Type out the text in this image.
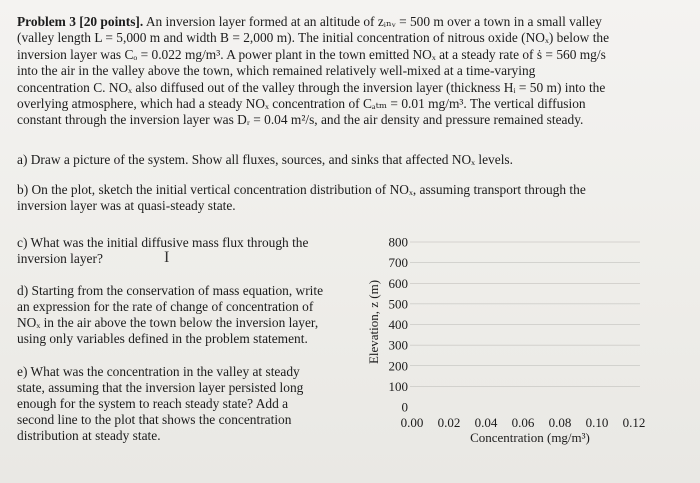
Problem 3 [20 points]. An inversion layer formed at an altitude of zᵢₙᵥ = 500 m over a town in a small valley
(valley length L = 5,000 m and width B = 2,000 m). The initial concentration of nitrous oxide (NOₓ) below the
inversion layer was Cₒ = 0.022 mg/m³. A power plant in the town emitted NOₓ at a steady rate of ṡ = 560 mg/s
into the air in the valley above the town, which remained relatively well-mixed at a time-varying
concentration C. NOₓ also diffused out of the valley through the inversion layer (thickness Hᵢ = 50 m) into the
overlying atmosphere, which had a steady NOₓ concentration of Cₐₜₘ = 0.01 mg/m³. The vertical diffusion
constant through the inversion layer was Dᵣ = 0.04 m²/s, and the air density and pressure remained steady.
a) Draw a picture of the system. Show all fluxes, sources, and sinks that affected NOₓ levels.
b) On the plot, sketch the initial vertical concentration distribution of NOₓ, assuming transport through the
inversion layer was at quasi-steady state.
c) What was the initial diffusive mass flux through the
inversion layer?	I
d) Starting from the conservation of mass equation, write
an expression for the rate of change of concentration of
NOₓ in the air above the town below the inversion layer,
using only variables defined in the problem statement.
e) What was the concentration in the valley at steady
state, assuming that the inversion layer persisted long
enough for the system to reach steady state? Add a
second line to the plot that shows the concentration
distribution at steady state.
0
100
200
300
400
500
600
700
800
0.00 0.02 0.04 0.06 0.08 0.10 0.12
Concentration (mg/m³)
Elevation, z (m)
